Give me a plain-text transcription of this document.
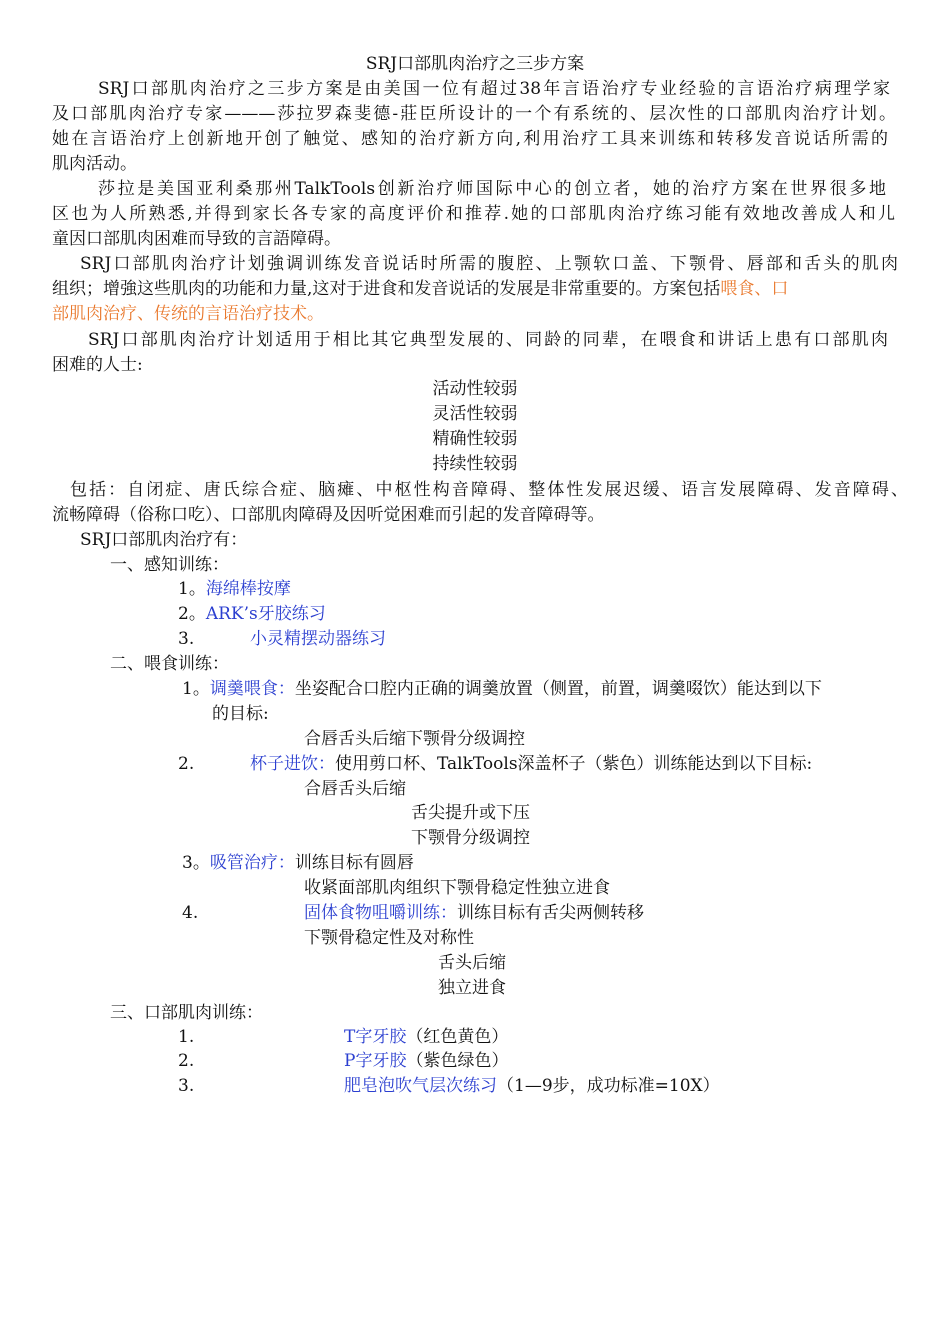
SRJ口部肌肉治疗之三步方案
SRJ口部肌肉治疗之三步方案是由美国一位有超过38年言语治疗专业经验的言语治疗病理学家
及口部肌肉治疗专家———莎拉罗森斐德-莊臣所设计的一个有系统的、层次性的口部肌肉治疗计划。
她在言语治疗上创新地开创了触觉、感知的治疗新方向,利用治疗工具来训练和转移发音说话所需的
肌肉活动。
莎拉是美国亚利桑那州TalkTools创新治疗师国际中心的创立者，她的治疗方案在世界很多地
区也为人所熟悉,并得到家长各专家的高度评价和推荐.她的口部肌肉治疗练习能有效地改善成人和儿
童因口部肌肉困难而导致的言語障碍。
SRJ口部肌肉治疗计划強调训练发音说话时所需的腹腔、上颚软口盖、下颚骨、唇部和舌头的肌肉
组织；增強这些肌肉的功能和力量,这对于进食和发音说话的发展是非常重要的。方案包括喂食、口
部肌肉治疗、传统的言语治疗技术。
SRJ口部肌肉治疗计划适用于相比其它典型发展的、同龄的同辈，在喂食和讲话上患有口部肌肉
困难的人士:
活动性较弱
灵活性较弱
精确性较弱
持续性较弱
包括：自闭症、唐氏综合症、脑瘫、中枢性构音障碍、整体性发展迟缓、语言发展障碍、发音障碍、
流畅障碍（俗称口吃）、口部肌肉障碍及因听觉困难而引起的发音障碍等。
SRJ口部肌肉治疗有：
一、感知训练：
1。海绵棒按摩
2。ARK’s牙胶练习
3.	小灵精摆动器练习
二、喂食训练：
1。调羹喂食：坐姿配合口腔内正确的调羹放置（侧置，前置，调羹啜饮）能达到以下
的目标:
合唇舌头后缩下颚骨分级调控
2.	杯子进饮：使用剪口杯、TalkTools深盖杯子（紫色）训练能达到以下目标:
合唇舌头后缩
舌尖提升或下压
下颚骨分级调控
3。吸管治疗：训练目标有圆唇
收紧面部肌肉组织下颚骨稳定性独立进食
4.	固体食物咀嚼训练：训练目标有舌尖两侧转移
下颚骨稳定性及对称性
舌头后缩
独立进食
三、口部肌肉训练：
1.	T字牙胶（红色黄色）
2.	P字牙胶（紫色绿色）
3.	肥皂泡吹气层次练习（1—9步，成功标准=10X）
